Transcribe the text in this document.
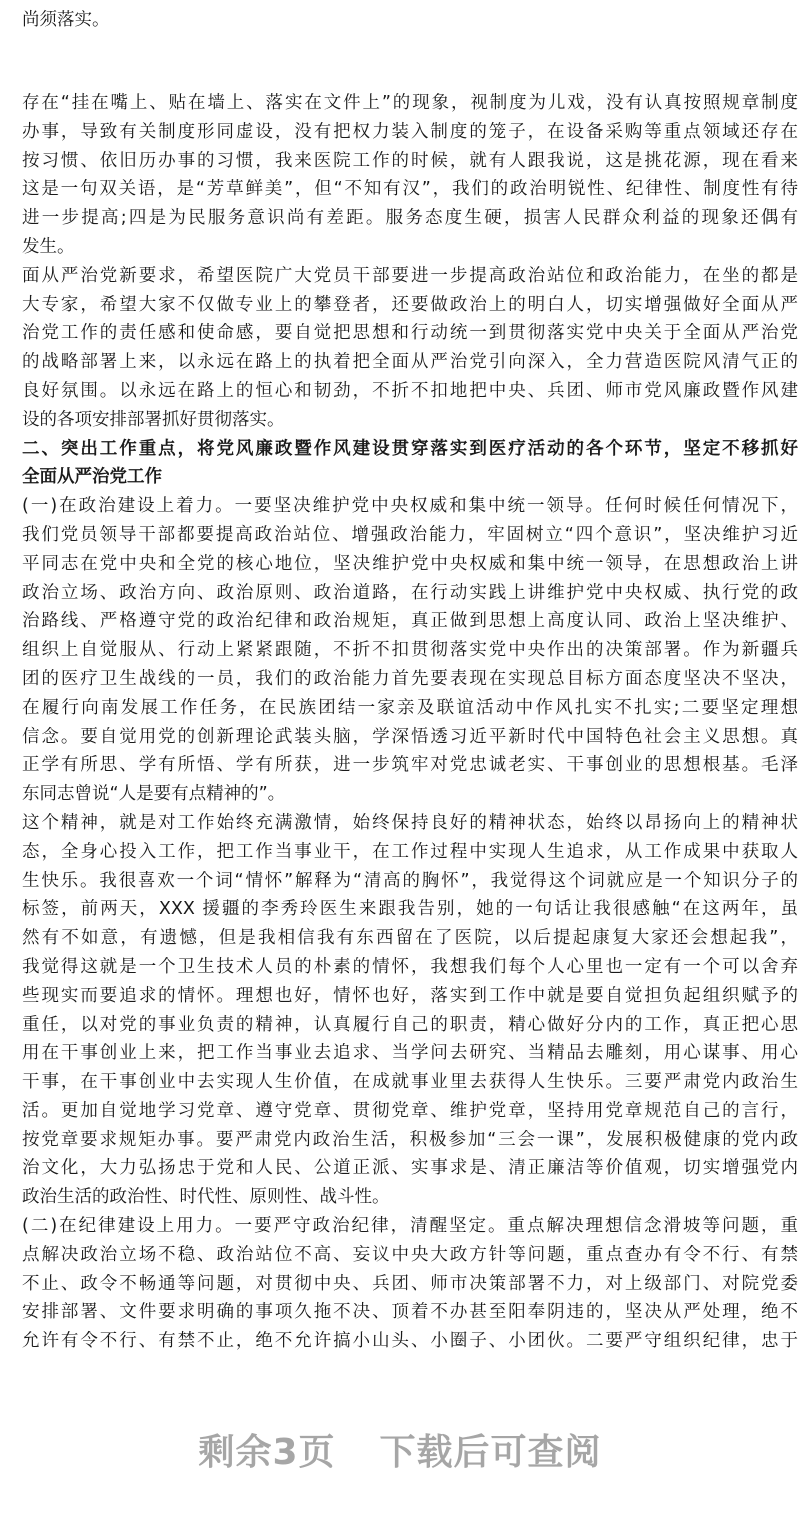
尚须落实。
存在“挂在嘴上、贴在墙上、落实在文件上”的现象，视制度为儿戏，没有认真按照规章制度
办事，导致有关制度形同虚设，没有把权力装入制度的笼子，在设备采购等重点领域还存在
按习惯、依旧历办事的习惯，我来医院工作的时候，就有人跟我说，这是挑花源，现在看来
这是一句双关语，是“芳草鲜美”，但“不知有汉”，我们的政治明锐性、纪律性、制度性有待
进一步提高;四是为民服务意识尚有差距。服务态度生硬，损害人民群众利益的现象还偶有
发生。
面从严治党新要求，希望医院广大党员干部要进一步提高政治站位和政治能力，在坐的都是
大专家，希望大家不仅做专业上的攀登者，还要做政治上的明白人，切实增强做好全面从严
治党工作的责任感和使命感，要自觉把思想和行动统一到贯彻落实党中央关于全面从严治党
的战略部署上来，以永远在路上的执着把全面从严治党引向深入，全力营造医院风清气正的
良好氛围。以永远在路上的恒心和韧劲，不折不扣地把中央、兵团、师市党风廉政暨作风建
设的各项安排部署抓好贯彻落实。
二、突出工作重点，将党风廉政暨作风建设贯穿落实到医疗活动的各个环节，坚定不移抓好
全面从严治党工作
(一)在政治建设上着力。一要坚决维护党中央权威和集中统一领导。任何时候任何情况下，
我们党员领导干部都要提高政治站位、增强政治能力，牢固树立“四个意识”，坚决维护习近
平同志在党中央和全党的核心地位，坚决维护党中央权威和集中统一领导，在思想政治上讲
政治立场、政治方向、政治原则、政治道路，在行动实践上讲维护党中央权威、执行党的政
治路线、严格遵守党的政治纪律和政治规矩，真正做到思想上高度认同、政治上坚决维护、
组织上自觉服从、行动上紧紧跟随，不折不扣贯彻落实党中央作出的决策部署。作为新疆兵
团的医疗卫生战线的一员，我们的政治能力首先要表现在实现总目标方面态度坚决不坚决，
在履行向南发展工作任务，在民族团结一家亲及联谊活动中作风扎实不扎实;二要坚定理想
信念。要自觉用党的创新理论武装头脑，学深悟透习近平新时代中国特色社会主义思想。真
正学有所思、学有所悟、学有所获，进一步筑牢对党忠诚老实、干事创业的思想根基。毛泽
东同志曾说“人是要有点精神的”。
这个精神，就是对工作始终充满激情，始终保持良好的精神状态，始终以昂扬向上的精神状
态，全身心投入工作，把工作当事业干，在工作过程中实现人生追求，从工作成果中获取人
生快乐。我很喜欢一个词“情怀”解释为“清高的胸怀”，我觉得这个词就应是一个知识分子的
标签，前两天，XXX 援疆的李秀玲医生来跟我告别，她的一句话让我很感触“在这两年，虽
然有不如意，有遗憾，但是我相信我有东西留在了医院，以后提起康复大家还会想起我”，
我觉得这就是一个卫生技术人员的朴素的情怀，我想我们每个人心里也一定有一个可以舍弃
些现实而要追求的情怀。理想也好，情怀也好，落实到工作中就是要自觉担负起组织赋予的
重任，以对党的事业负责的精神，认真履行自己的职责，精心做好分内的工作，真正把心思
用在干事创业上来，把工作当事业去追求、当学问去研究、当精品去雕刻，用心谋事、用心
干事，在干事创业中去实现人生价值，在成就事业里去获得人生快乐。三要严肃党内政治生
活。更加自觉地学习党章、遵守党章、贯彻党章、维护党章，坚持用党章规范自己的言行，
按党章要求规矩办事。要严肃党内政治生活，积极参加“三会一课”，发展积极健康的党内政
治文化，大力弘扬忠于党和人民、公道正派、实事求是、清正廉洁等价值观，切实增强党内
政治生活的政治性、时代性、原则性、战斗性。
(二)在纪律建设上用力。一要严守政治纪律，清醒坚定。重点解决理想信念滑坡等问题，重
点解决政治立场不稳、政治站位不高、妄议中央大政方针等问题，重点查办有令不行、有禁
不止、政令不畅通等问题，对贯彻中央、兵团、师市决策部署不力，对上级部门、对院党委
安排部署、文件要求明确的事项久拖不决、顶着不办甚至阳奉阴违的，坚决从严处理，绝不
允许有令不行、有禁不止，绝不允许搞小山头、小圈子、小团伙。二要严守组织纪律，忠于
剩余3页 下载后可查阅
